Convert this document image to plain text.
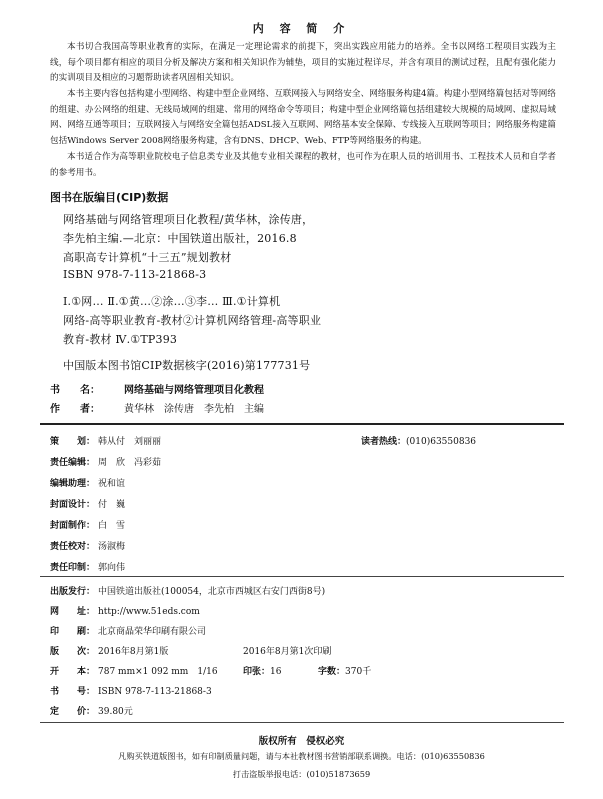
内 容 简 介
本书切合我国高等职业教育的实际，在满足一定理论需求的前提下，突出实践应用能力的培养。全书以网络工程项目实践为主线，每个项目都有相应的项目分析及解决方案和相关知识作为辅垫，项目的实施过程详尽，并含有项目的测试过程，且配有强化能力的实训项目及相应的习题帮助读者巩固相关知识。
本书主要内容包括构建小型网络、构建中型企业网络、互联网接入与网络安全、网络服务构建4篇。构建小型网络篇包括对等网络的组建、办公网络的组建、无线局域网的组建、常用的网络命令等项目；构建中型企业网络篇包括组建较大规模的局域网、虚拟局域网、网络互通等项目；互联网接入与网络安全篇包括ADSL接入互联网、网络基本安全保障、专线接入互联网等项目；网络服务构建篇包括Windows Server 2008网络服务构建，含有DNS、DHCP、Web、FTP等网络服务的构建。
本书适合作为高等职业院校电子信息类专业及其他专业相关课程的教材，也可作为在职人员的培训用书、工程技术人员和自学者的参考用书。
图书在版编目(CIP)数据
网络基础与网络管理项目化教程/黄华林，涂传唐，
李先柏主编.—北京：中国铁道出版社，2016.8
高职高专计算机“十三五”规划教材
ISBN 978-7-113-21868-3
Ⅰ.①网… Ⅱ.①黄…②涂…③李… Ⅲ.①计算机
网络-高等职业教育-教材②计算机网络管理-高等职业
教育-教材 Ⅳ.①TP393
中国版本图书馆CIP数据核字(2016)第177731号
书　　名： 网络基础与网络管理项目化教程
作　　者： 黄华林　涂传唐　李先柏　主编
策　　划： 韩从付　刘丽丽	读者热线：(010)63550836
责任编辑： 周　欣　冯彩茹
编辑助理： 祝和谊
封面设计： 付　巍
封面制作： 白　雪
责任校对： 汤淑梅
责任印制： 郭向伟
出版发行： 中国铁道出版社(100054，北京市西城区右安门西街8号)
网　　址： http://www.51eds.com
印　　刷： 北京商晶荣华印刷有限公司
版　　次： 2016年8月第1版	2016年8月第1次印刷
开　　本： 787 mm×1 092 mm　1/16	印张：16	字数：370千
书　　号： ISBN 978-7-113-21868-3
定　　价： 39.80元
版权所有　侵权必究
凡购买铁道版图书，如有印制质量问题，请与本社教材图书营销部联系调换。电话：(010)63550836
打击盗版举报电话：(010)51873659
